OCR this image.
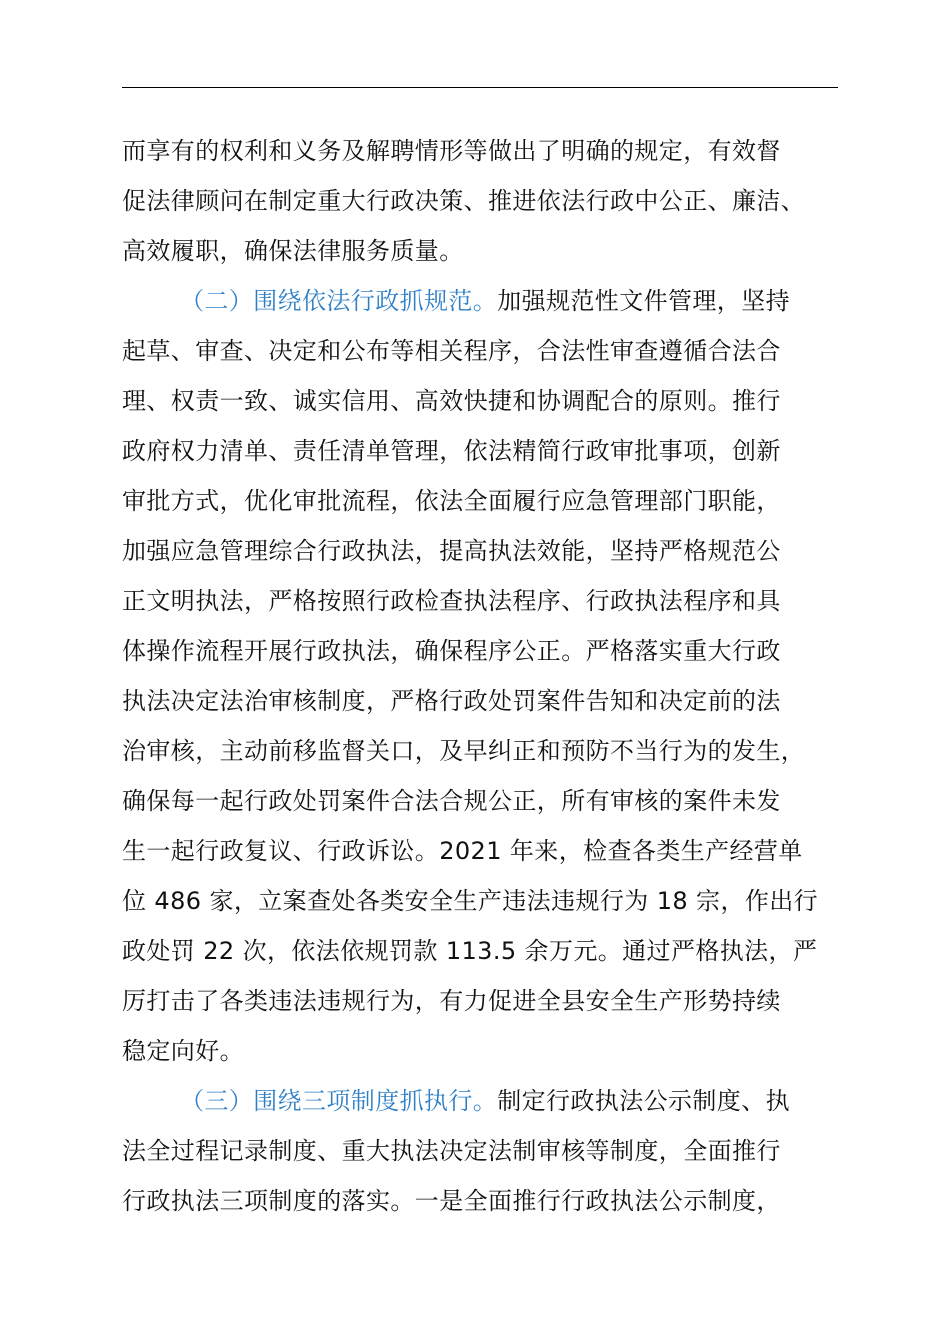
而享有的权利和义务及解聘情形等做出了明确的规定，有效督
促法律顾问在制定重大行政决策、推进依法行政中公正、廉洁、
高效履职，确保法律服务质量。
（二）围绕依法行政抓规范。加强规范性文件管理，坚持
起草、审查、决定和公布等相关程序，合法性审查遵循合法合
理、权责一致、诚实信用、高效快捷和协调配合的原则。推行
政府权力清单、责任清单管理，依法精简行政审批事项，创新
审批方式，优化审批流程，依法全面履行应急管理部门职能，
加强应急管理综合行政执法，提高执法效能，坚持严格规范公
正文明执法，严格按照行政检查执法程序、行政执法程序和具
体操作流程开展行政执法，确保程序公正。严格落实重大行政
执法决定法治审核制度，严格行政处罚案件告知和决定前的法
治审核，主动前移监督关口，及早纠正和预防不当行为的发生，
确保每一起行政处罚案件合法合规公正，所有审核的案件未发
生一起行政复议、行政诉讼。2021 年来，检查各类生产经营单
位 486 家，立案查处各类安全生产违法违规行为 18 宗，作出行
政处罚 22 次，依法依规罚款 113.5 余万元。通过严格执法，严
厉打击了各类违法违规行为，有力促进全县安全生产形势持续
稳定向好。
（三）围绕三项制度抓执行。制定行政执法公示制度、执
法全过程记录制度、重大执法决定法制审核等制度，全面推行
行政执法三项制度的落实。一是全面推行行政执法公示制度，
